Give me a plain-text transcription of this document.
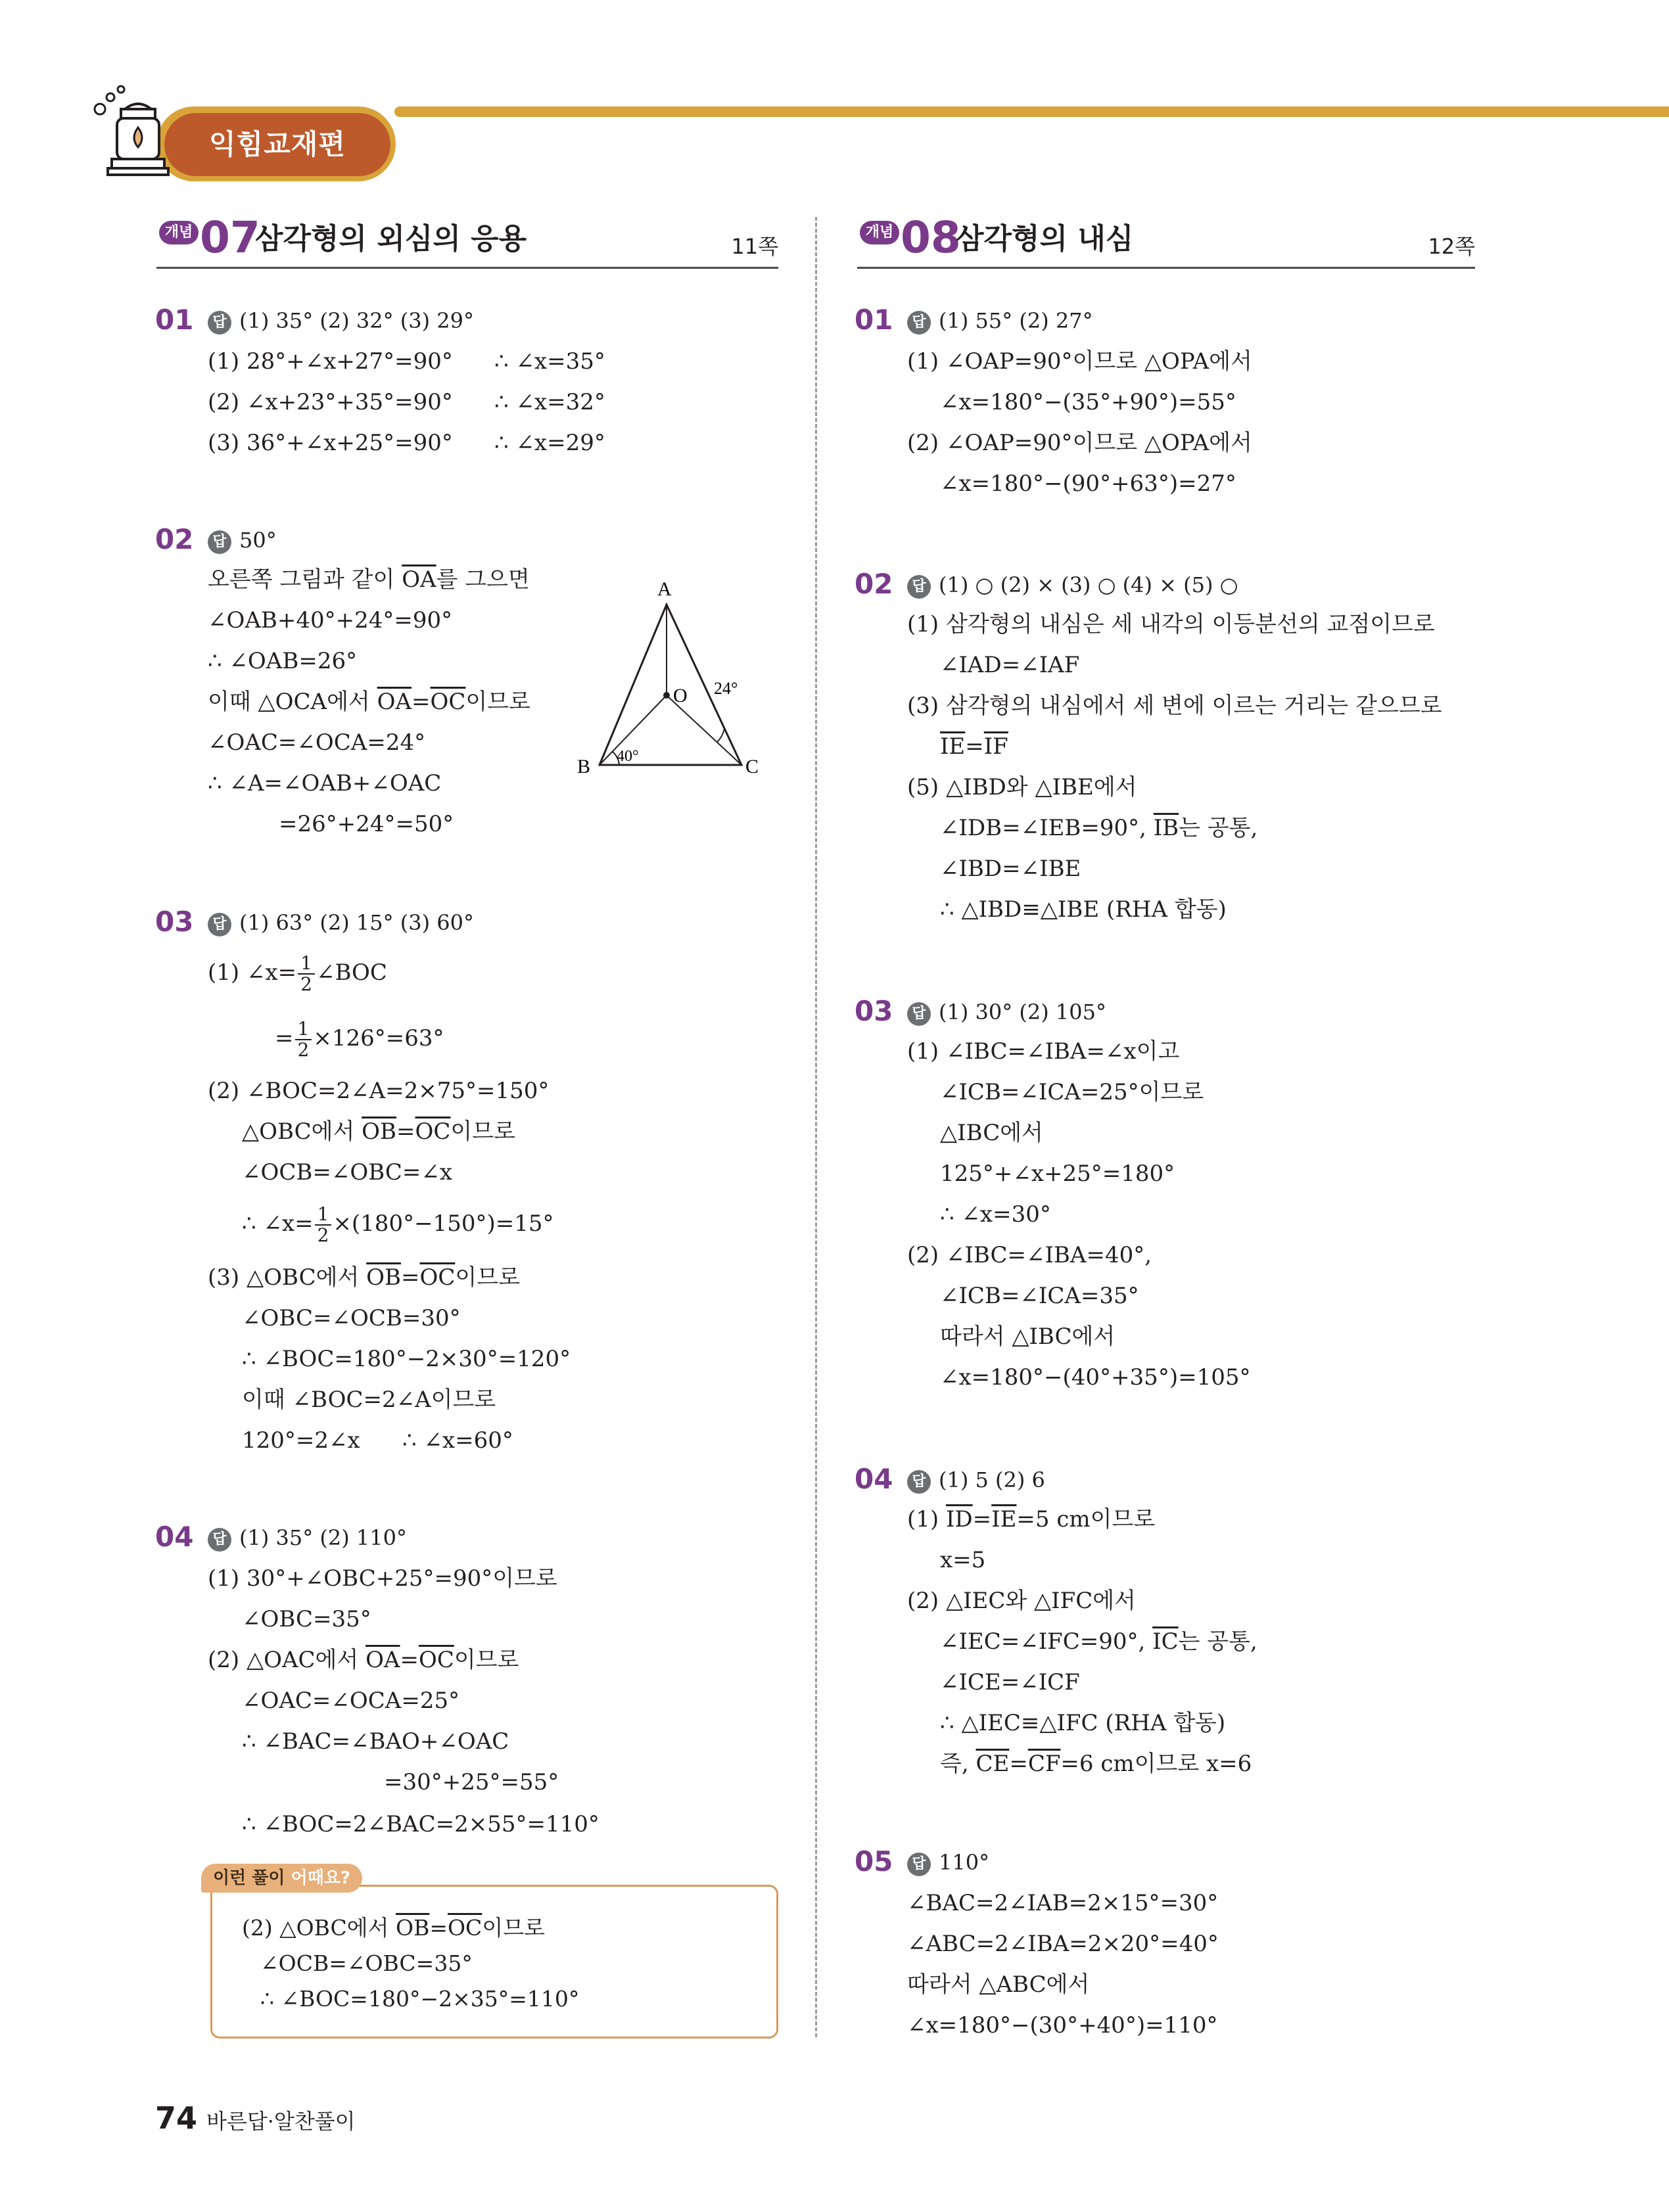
익힘교재편
개념 07
삼각형의 외심의 응용	11쪽
01	답 (1) 35° (2) 32° (3) 29°
(1) 28°+∠x+27°=90° ∴ ∠x=35°
(2) ∠x+23°+35°=90° ∴ ∠x=32°
(3) 36°+∠x+25°=90° ∴ ∠x=29°
02	답 50°
오른쪽 그림과 같이 $\overline{OA}$를 그으면
∠OAB+40°+24°=90°
∴ ∠OAB=26°
이때 △OCA에서 $\overline{OA}=\overline{OC}$이므로
∠OAC=∠OCA=24°
∴ ∠A=∠OAB+∠OAC
=26°+24°=50°
A
B	C
O
40°
24°
03	답 (1) 63° (2) 15° (3) 60°
(1) ∠x= $\frac{1}{2}$ ∠BOC
= $\frac{1}{2} \times 126^\circ=63^\circ$
(2) ∠BOC=2∠A=2×75°=150°
△OBC에서 $\overline{OB}=\overline{OC}$이므로
∠OCB=∠OBC=∠x
∴ ∠x= $\frac{1}{2} \times(180^\circ-150^\circ)=15^\circ$
(3) △OBC에서 $\overline{OB}=\overline{OC}$이므로
∠OBC=∠OCB=30°
∴ ∠BOC=180°−2×30°=120°
이때 ∠BOC=2∠A이므로
120°=2∠x ∴ ∠x=60°
04	답 (1) 35° (2) 110°
(1) 30°+∠OBC+25°=90°이므로
∠OBC=35°
(2) △OAC에서 $\overline{OA}=\overline{OC}$이므로
∠OAC=∠OCA=25°
∴ ∠BAC=∠BAO+∠OAC
=30°+25°=55°
∴ ∠BOC=2∠BAC=2×55°=110°
이런 풀이 어때요?
(2) △OBC에서 $\overline{OB}=\overline{OC}$이므로
∠OCB=∠OBC=35°
∴ ∠BOC=180°−2×35°=110°
개념 08
삼각형의 내심	12쪽
01	답 (1) 55° (2) 27°
(1) ∠OAP=90°이므로 △OPA에서
∠x=180°−(35°+90°)=55°
(2) ∠OAP=90°이므로 △OPA에서
∠x=180°−(90°+63°)=27°
02	답 (1) ○ (2) × (3) ○ (4) × (5) ○
(1) 삼각형의 내심은 세 내각의 이등분선의 교점이므로
∠IAD=∠IAF
(3) 삼각형의 내심에서 세 변에 이르는 거리는 같으므로
$\overline{IE}=\overline{IF}$
(5) △IBD와 △IBE에서
∠IDB=∠IEB=90°, $\overline{IB}$는 공통,
∠IBD=∠IBE
∴ △IBD≡△IBE (RHA 합동)
03	답 (1) 30° (2) 105°
(1) ∠IBC=∠IBA=∠x이고
∠ICB=∠ICA=25°이므로
△IBC에서
125°+∠x+25°=180°
∴ ∠x=30°
(2) ∠IBC=∠IBA=40°,
∠ICB=∠ICA=35°
따라서 △IBC에서
∠x=180°−(40°+35°)=105°
04	답 (1) 5 (2) 6
(1) $\overline{ID}=\overline{IE}=5$ cm이므로
x=5
(2) △IEC와 △IFC에서
∠IEC=∠IFC=90°, $\overline{IC}$는 공통,
∠ICE=∠ICF
∴ △IEC≡△IFC (RHA 합동)
즉, $\overline{CE}=\overline{CF}=6$ cm이므로 x=6
05	답 110°
∠BAC=2∠IAB=2×15°=30°
∠ABC=2∠IBA=2×20°=40°
따라서 △ABC에서
∠x=180°−(30°+40°)=110°
74 바른답·알찬풀이
